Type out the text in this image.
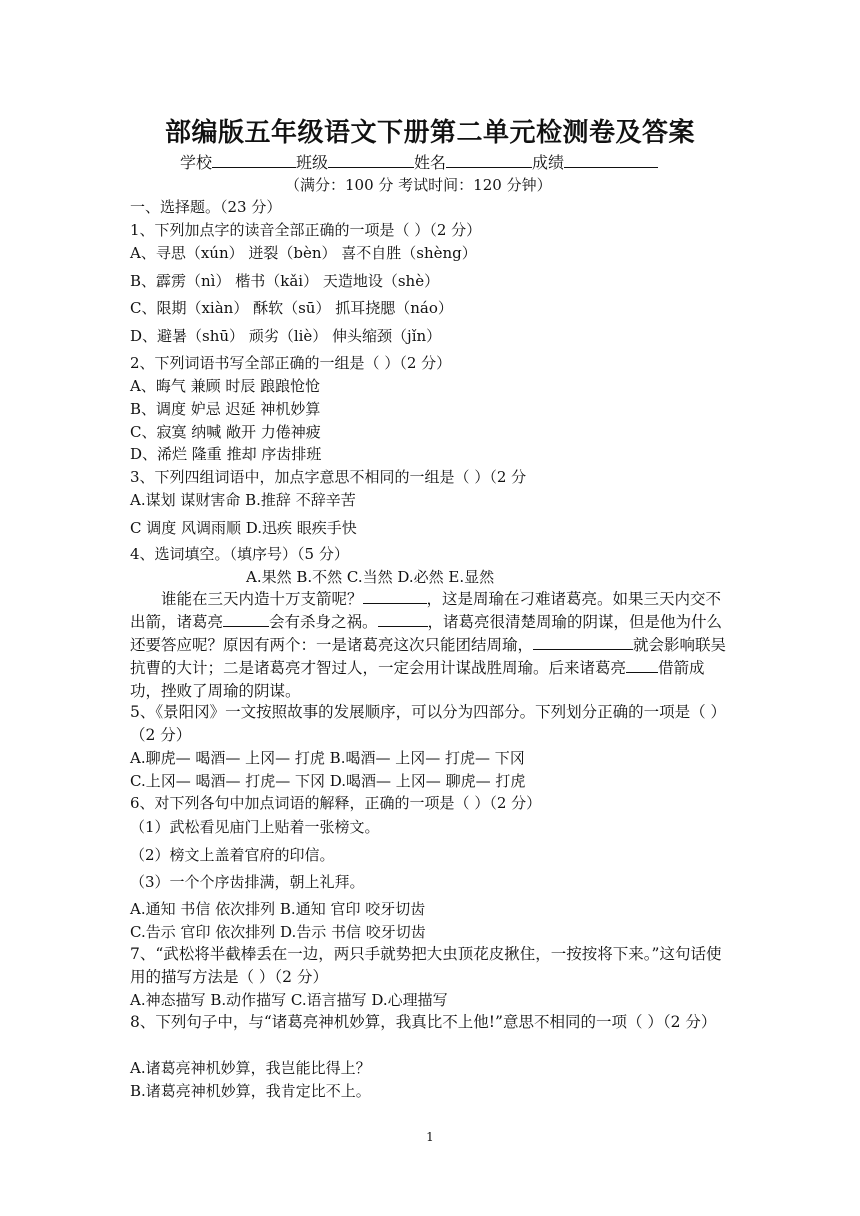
部编版五年级语文下册第二单元检测卷及答案
学校	班级	姓名	成绩
（满分：100 分 考试时间：120 分钟）
一、选择题。（23 分）
1、下列加点字的读音全部正确的一项是（ ）（2 分）
A、寻思（xún） 迸裂（bèn） 喜不自胜（shèng）
B、霹雳（nì） 楷书（kǎi） 天造地设（shè）
C、限期（xiàn） 酥软（sū） 抓耳挠腮（náo）
D、避暑（shū） 顽劣（liè） 伸头缩颈（jǐn）
2、下列词语书写全部正确的一组是（ ）（2 分）
A、晦气 兼顾 时辰 踉踉怆怆
B、调度 妒忌 迟延 神机妙算
C、寂寞 纳喊 敞开 力倦神疲
D、浠烂 隆重 推却 序齿排班
3、下列四组词语中，加点字意思不相同的一组是（ ）（2 分
A.谋划 谋财害命 B.推辞 不辞辛苦
C 调度 风调雨顺 D.迅疾 眼疾手快
4、选词填空。（填序号）（5 分）
A.果然 B.不然 C.当然 D.必然 E.显然
谁能在三天内造十万支箭呢？	，这是周瑜在刁难诸葛亮。如果三天内交不出箭，诸葛亮	会有杀身之祸。	，诸葛亮很清楚周瑜的阴谋，但是他为什么还要答应呢？原因有两个：一是诸葛亮这次只能团结周瑜，	就会影响联吴抗曹的大计；二是诸葛亮才智过人，一定会用计谋战胜周瑜。后来诸葛亮 借箭成功，挫败了周瑜的阴谋。
5、《景阳冈》一文按照故事的发展顺序，可以分为四部分。下列划分正确的一项是（ ）（2 分）
A.聊虎— 喝酒— 上冈— 打虎 B.喝酒— 上冈— 打虎— 下冈
C.上冈— 喝酒— 打虎— 下冈 D.喝酒— 上冈— 聊虎— 打虎
6、对下列各句中加点词语的解释，正确的一项是（ ）（2 分）
（1）武松看见庙门上贴着一张榜文。
（2）榜文上盖着官府的印信。
（3）一个个序齿排满，朝上礼拜。
A.通知 书信 依次排列 B.通知 官印 咬牙切齿
C.告示 官印 依次排列 D.告示 书信 咬牙切齿
7、“武松将半截棒丢在一边，两只手就势把大虫顶花皮揪住，一按按将下来。”这句话使用的描写方法是（ ）（2 分）
A.神态描写 B.动作描写 C.语言描写 D.心理描写
8、下列句子中，与“诸葛亮神机妙算，我真比不上他!”意思不相同的一项（ ）（2 分）
A.诸葛亮神机妙算，我岂能比得上？
B.诸葛亮神机妙算，我肯定比不上。
1
